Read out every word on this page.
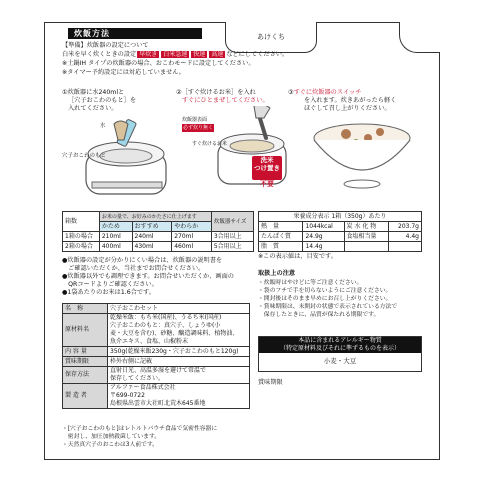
あけくち
炊飯方法
【準備】炊飯器の設定について
白米を早く炊くときの設定 早炊き 白米急速 快速 高速 などにしてください。
※土鍋IH タイプの炊飯器の場合、おこわモードに設定してください。
※タイマー予約設定には対応していません。
①炊飯器に水240mlと
［穴子おこわのもと］を
入れてください。
水
穴子おこわのもと
②［すぐ炊けるお米］を入れ
すぐにひとまぜしてください。
炊飯器表面
必ず炊り無く
すぐ炊けるお米
洗米
つけ置き
不要
③すぐに炊飯器のスイッチ
を入れます。炊きあがったら軽く
ほぐして召し上がりください。
箱数	お米の量で、お好みのかたさに仕上げます			炊飯器サイズ
	かため	おすすめ	やわらか	
1箱の場合	210ml	240ml	270ml	3合用以上
2箱の場合	400ml	430ml	460ml	5合用以上
●炊飯器の設定が分かりにくい場合は、炊飯器の説明書を
　ご確認いただくか、当社までお問合せください。
●炊飯器以外でも調理できます。お問合せいただくか、画面の
　QRコードよりご確認ください。
●1袋あたりのお米は1.6合です。
名　称	穴子おこわセット
原材料名	乾燥米飯：もち米(国産)、うるち米(国産)
穴子おこわのもと：真穴子、しょうゆ(小
麦・大豆を含む)、砂糖、醸造調味料、植物油、
魚介エキス、食塩、山椒粉末
内 容 量	350g(乾燥米飯230g・穴子おこわのもと120g)
賞味期限	枠外右側に記載
保存方法	直射日光、高温多湿を避けて常温で
保存してください。
製 造 者	アルファー食品株式会社
〒699-0722
島根県出雲市大社町北荒木645番地
・[穴子おこわのもと]はレトルトパウチ食品で気密性容器に
　密封し、加圧加熱殺菌しています。
・天然真穴子のおこわは3人前です。
栄養成分表示 1箱（350g）あたり			
熱　量	1044kcal	炭 水 化 物	203.7g
たんぱく質	24.9g	食塩相当量	4.4g
脂　質	14.4g		
※この表示値は、目安です。
取扱上の注意
・炊飯時はやけどに等ご注意ください。
・袋のフチで手を切らないようにご注意ください。
・開封後はそのまま早めにお召し上がりください。
・賞味期限は、未開封の状態で表示されている方法で
　保存したときに、品質が保たれる期限です。
本品に含まれるアレルギー物質
（特定原材料及びそれに準ずるものを表示）
小麦・大豆
賞味期限
